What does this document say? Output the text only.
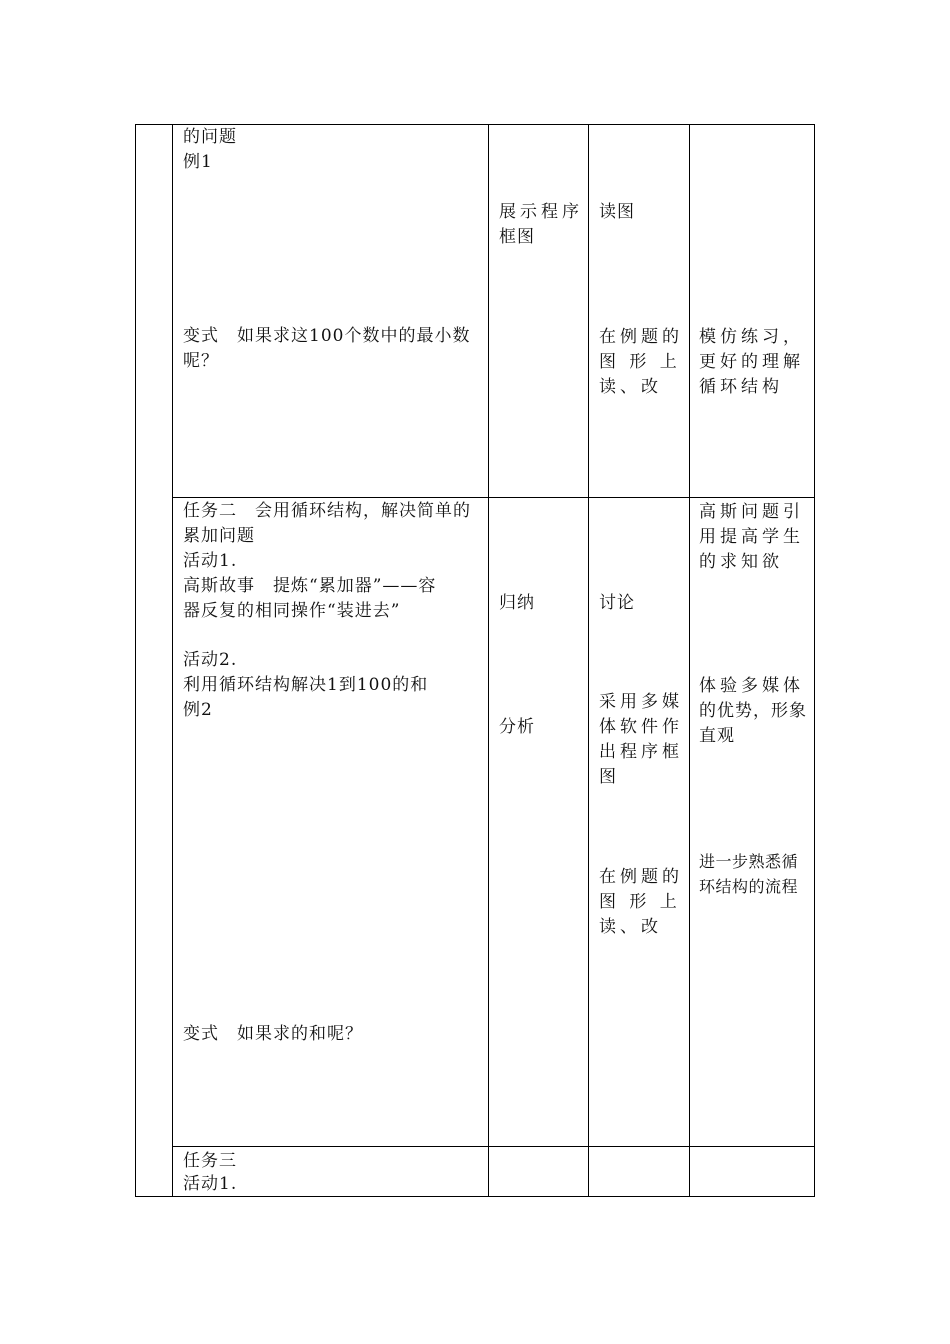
的问题
例1
变式　如果求这100个数中的最小数
呢？
展示程序
框图
读图
在例题的
图 形 上
读、改
模仿练习，
更好的理解
循环结构
任务二　会用循环结构，解决简单的
累加问题
活动1.
高斯故事　提炼“累加器”——容
器反复的相同操作“装进去”
活动2.
利用循环结构解决1到100的和
例2
变式　如果求的和呢？
归纳
分析
讨论
采用多媒
体软件作
出程序框
图
在例题的
图 形 上
读、改
高斯问题引
用提高学生
的求知欲
体验多媒体
的优势，形象
直观
进一步熟悉循
环结构的流程
任务三
活动1.
